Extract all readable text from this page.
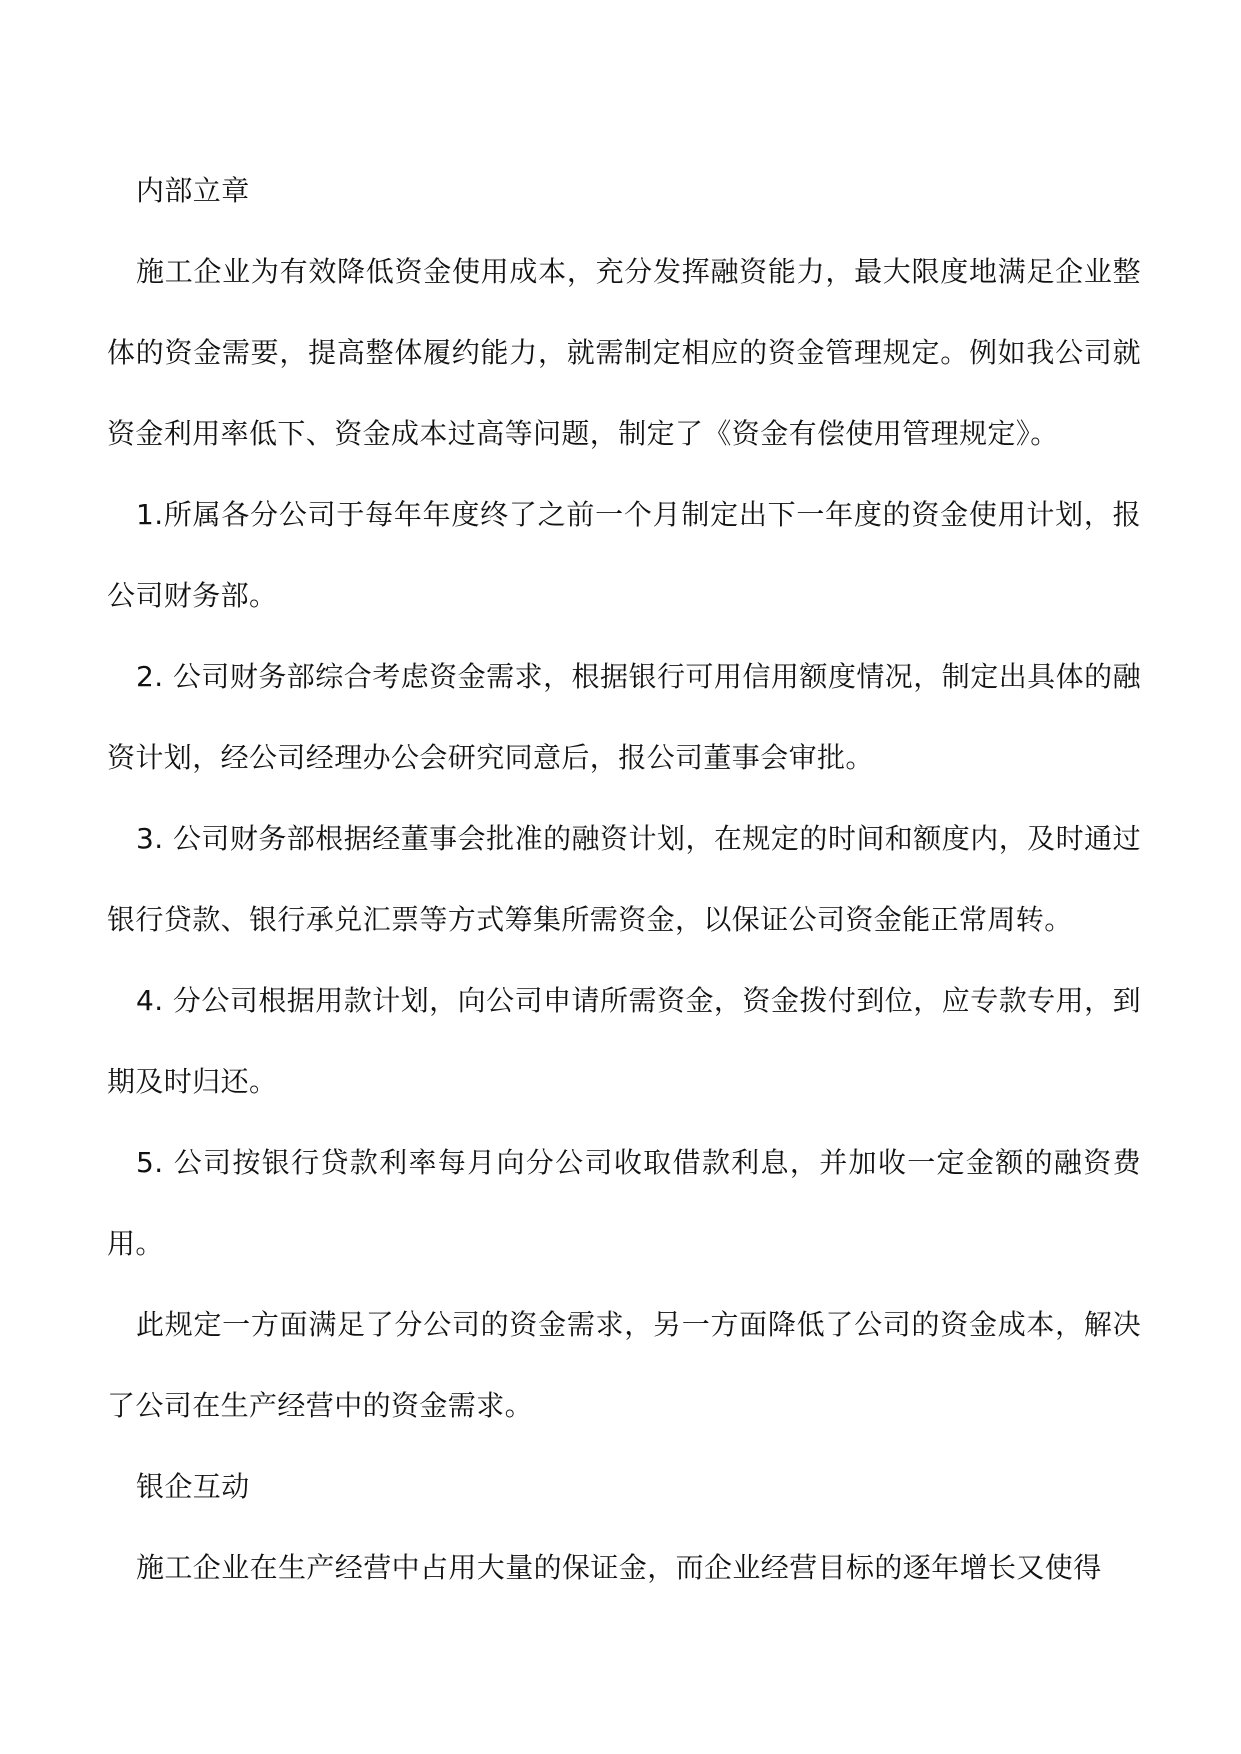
内部立章

施工企业为有效降低资金使用成本，充分发挥融资能力，最大限度地满足企业整体的资金需要，提高整体履约能力，就需制定相应的资金管理规定。例如我公司就资金利用率低下、资金成本过高等问题，制定了《资金有偿使用管理规定》。

1.所属各分公司于每年年度终了之前一个月制定出下一年度的资金使用计划，报公司财务部。

2. 公司财务部综合考虑资金需求，根据银行可用信用额度情况，制定出具体的融资计划，经公司经理办公会研究同意后，报公司董事会审批。

3. 公司财务部根据经董事会批准的融资计划，在规定的时间和额度内，及时通过银行贷款、银行承兑汇票等方式筹集所需资金，以保证公司资金能正常周转。

4. 分公司根据用款计划，向公司申请所需资金，资金拨付到位，应专款专用，到期及时归还。

5. 公司按银行贷款利率每月向分公司收取借款利息，并加收一定金额的融资费用。

此规定一方面满足了分公司的资金需求，另一方面降低了公司的资金成本，解决了公司在生产经营中的资金需求。

银企互动

施工企业在生产经营中占用大量的保证金，而企业经营目标的逐年增长又使得
